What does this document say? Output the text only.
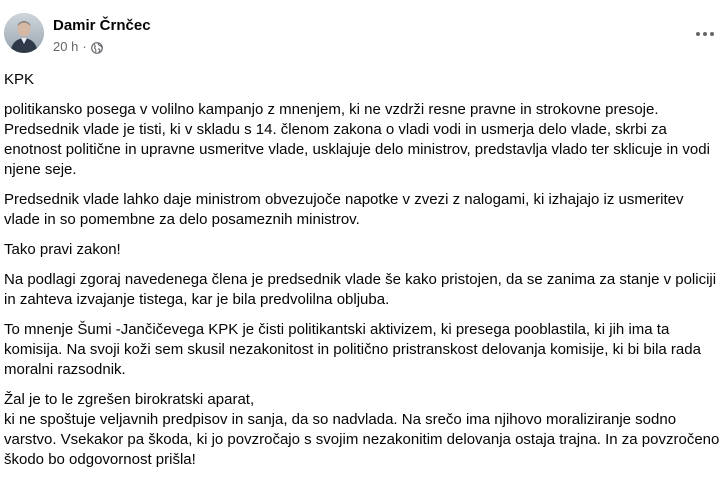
Damir Črnčec
20 h ·

KPK

politikansko posega v volilno kampanjo z mnenjem, ki ne vzdrži resne pravne in strokovne presoje. Predsednik vlade je tisti, ki v skladu s 14. členom zakona o vladi vodi in usmerja delo vlade, skrbi za enotnost politične in upravne usmeritve vlade, usklajuje delo ministrov, predstavlja vlado ter sklicuje in vodi njene seje.

Predsednik vlade lahko daje ministrom obvezujoče napotke v zvezi z nalogami, ki izhajajo iz usmeritev vlade in so pomembne za delo posameznih ministrov.

Tako pravi zakon!

Na podlagi zgoraj navedenega člena je predsednik vlade še kako pristojen, da se zanima za stanje v policiji in zahteva izvajanje tistega, kar je bila predvolilna obljuba.

To mnenje Šumi -Jančičevega KPK je čisti politikantski aktivizem, ki presega pooblastila, ki jih ima ta komisija. Na svoji koži sem skusil nezakonitost in politično pristranskost delovanja komisije, ki bi bila rada moralni razsodnik.

Žal je to le zgrešen birokratski aparat,
ki ne spoštuje veljavnih predpisov in sanja, da so nadvlada. Na srečo ima njihovo moraliziranje sodno varstvo. Vsekakor pa škoda, ki jo povzročajo s svojim nezakonitim delovanja ostaja trajna. In za povzročeno škodo bo odgovornost prišla!
